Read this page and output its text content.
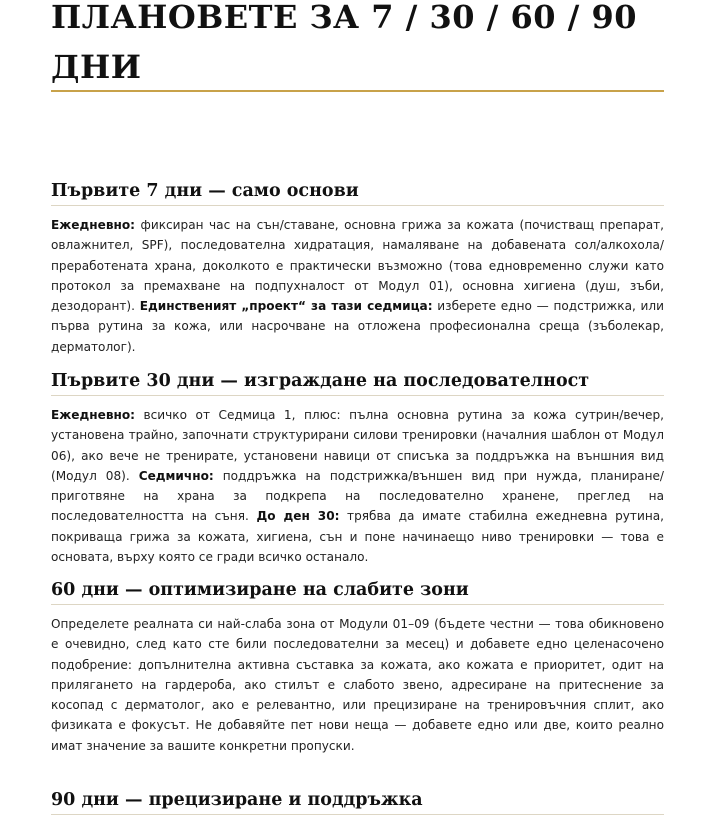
ПЛАНОВЕТЕ ЗА 7 / 30 / 60 / 90 ДНИ
Първите 7 дни — само основи

Ежедневно: фиксиран час на сън/ставане, основна грижа за кожата (почистващ препарат, овлажнител, SPF), последователна хидратация, намаляване на добавената сол/алкохола/преработената храна, доколкото е практически възможно (това едновременно служи като протокол за премахване на подпухналост от Модул 01), основна хигиена (душ, зъби, дезодорант). Единственият „проект“ за тази седмица: изберете едно — подстрижка, или първа рутина за кожа, или насрочване на отложена професионална среща (зъболекар, дерматолог).

Първите 30 дни — изграждане на последователност

Ежедневно: всичко от Седмица 1, плюс: пълна основна рутина за кожа сутрин/вечер, установена трайно, започнати структурирани силови тренировки (началния шаблон от Модул 06), ако вече не тренирате, установени навици от списъка за поддръжка на външния вид (Модул 08). Седмично: поддръжка на подстрижка/външен вид при нужда, планиране/приготвяне на храна за подкрепа на последователно хранене, преглед на последователността на съня. До ден 30: трябва да имате стабилна ежедневна рутина, покриваща грижа за кожата, хигиена, сън и поне начинаещо ниво тренировки — това е основата, върху която се гради всичко останало.

60 дни — оптимизиране на слабите зони

Определете реалната си най-слаба зона от Модули 01–09 (бъдете честни — това обикновено е очевидно, след като сте били последователни за месец) и добавете едно целенасочено подобрение: допълнителна активна съставка за кожата, ако кожата е приоритет, одит на прилягането на гардероба, ако стилът е слабото звено, адресиране на притеснение за косопад с дерматолог, ако е релевантно, или прецизиране на тренировъчния сплит, ако физиката е фокусът. Не добавяйте пет нови неща — добавете едно или две, които реално имат значение за вашите конкретни пропуски.

90 дни — прецизиране и поддръжка
